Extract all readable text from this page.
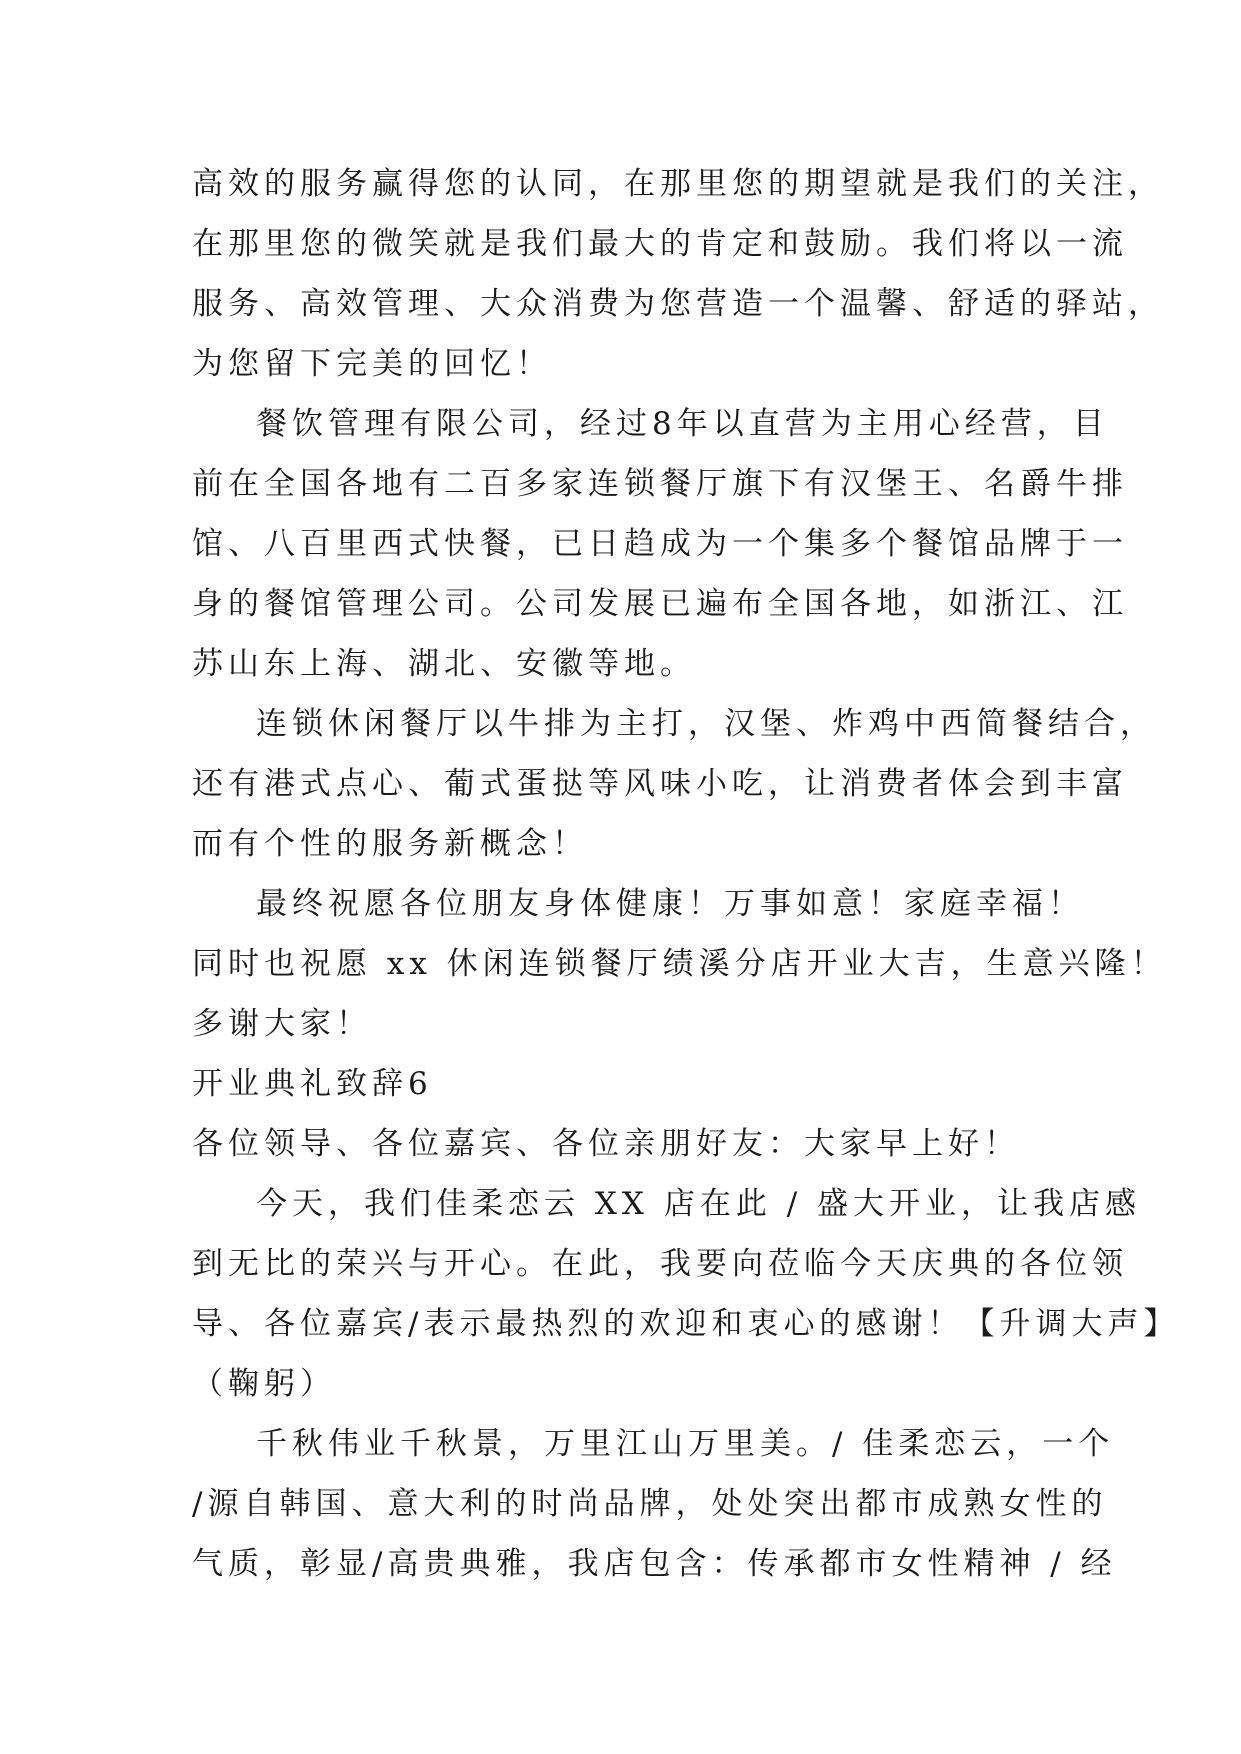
高效的服务赢得您的认同，在那里您的期望就是我们的关注，
在那里您的微笑就是我们最大的肯定和鼓励。我们将以一流
服务、高效管理、大众消费为您营造一个温馨、舒适的驿站，
为您留下完美的回忆！
餐饮管理有限公司，经过8年以直营为主用心经营，目
前在全国各地有二百多家连锁餐厅旗下有汉堡王、名爵牛排
馆、八百里西式快餐，已日趋成为一个集多个餐馆品牌于一
身的餐馆管理公司。公司发展已遍布全国各地，如浙江、江
苏山东上海、湖北、安徽等地。
连锁休闲餐厅以牛排为主打，汉堡、炸鸡中西简餐结合，
还有港式点心、葡式蛋挞等风味小吃，让消费者体会到丰富
而有个性的服务新概念！
最终祝愿各位朋友身体健康！万事如意！家庭幸福！
同时也祝愿 xx 休闲连锁餐厅绩溪分店开业大吉，生意兴隆！
多谢大家！
开业典礼致辞6
各位领导、各位嘉宾、各位亲朋好友：大家早上好！
今天，我们佳柔恋云 XX 店在此 / 盛大开业，让我店感
到无比的荣兴与开心。在此，我要向莅临今天庆典的各位领
导、各位嘉宾/表示最热烈的欢迎和衷心的感谢！【升调大声】
（鞠躬）
千秋伟业千秋景，万里江山万里美。/ 佳柔恋云，一个
/源自韩国、意大利的时尚品牌，处处突出都市成熟女性的
气质，彰显/高贵典雅，我店包含：传承都市女性精神 / 经
